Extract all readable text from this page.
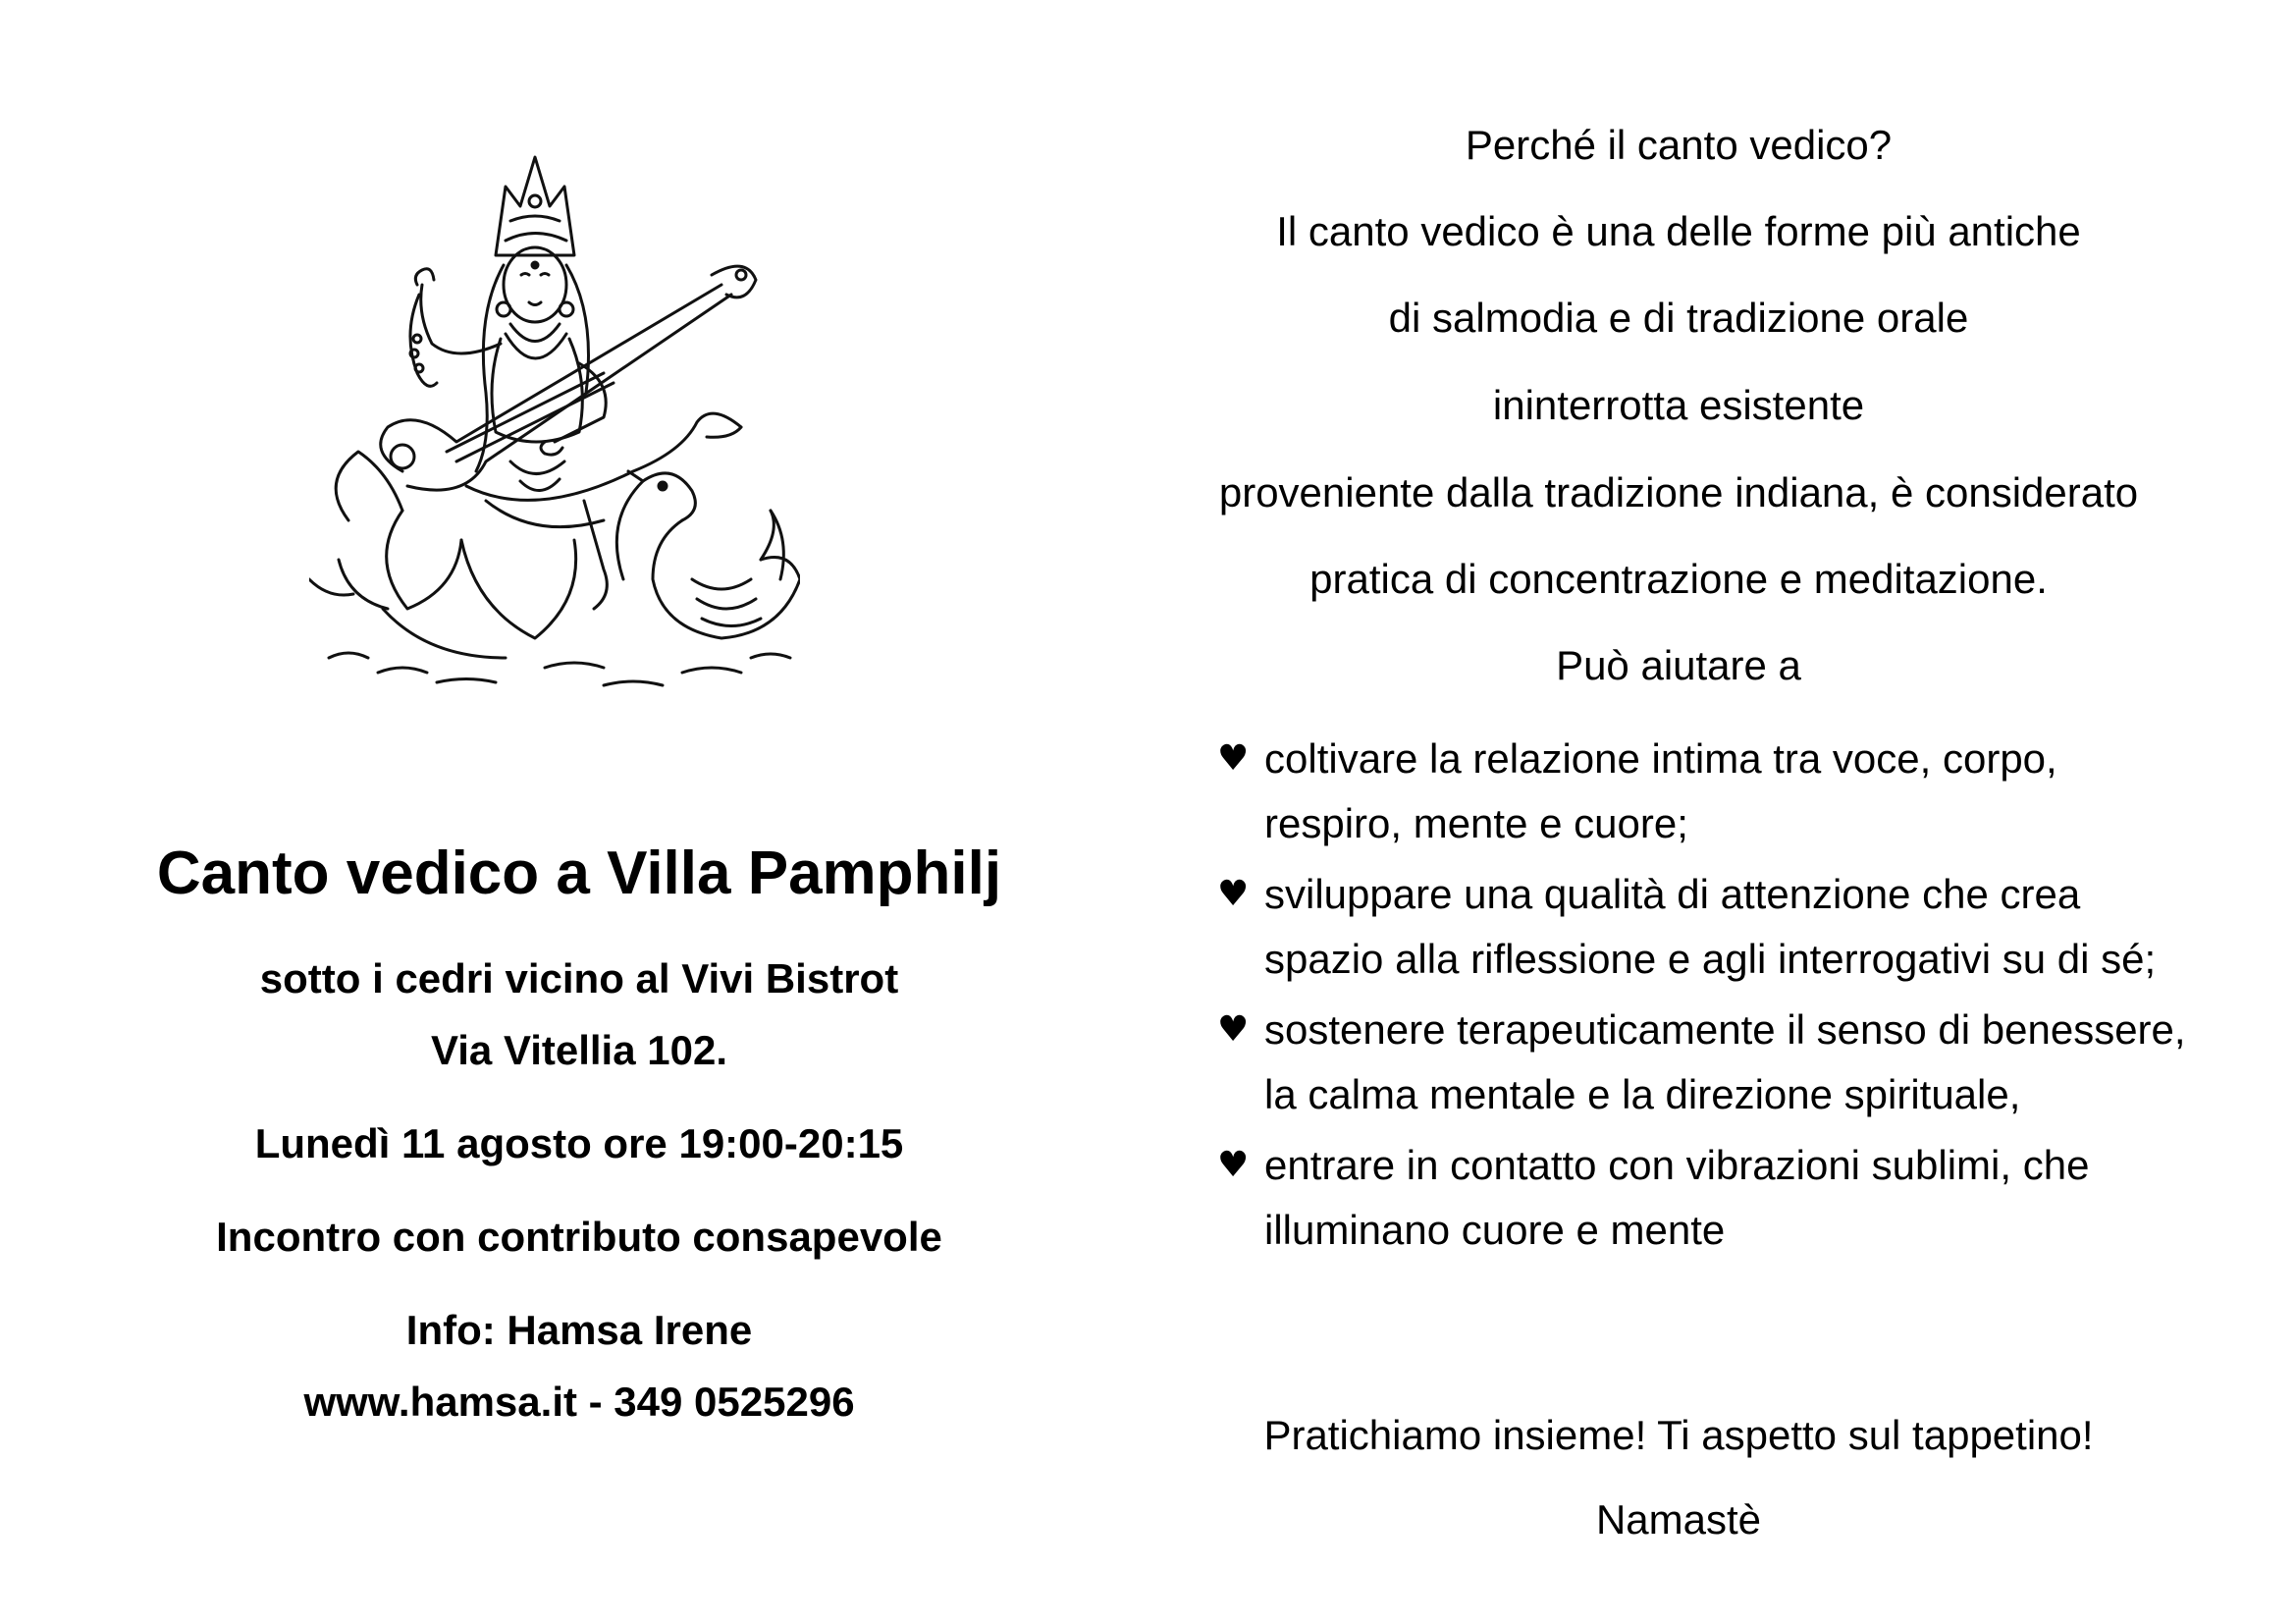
Canto vedico a Villa Pamphilj
sotto i cedri vicino al Vivi Bistrot
Via Vitellia 102.
Lunedì 11 agosto ore 19:00-20:15
Incontro con contributo consapevole
Info: Hamsa Irene
www.hamsa.it - 349 0525296
Perché il canto vedico?
Il canto vedico è una delle forme più antiche
di salmodia e di tradizione orale
ininterrotta esistente
proveniente dalla tradizione indiana, è considerato
pratica di concentrazione e meditazione.
Può aiutare a
♥ coltivare la relazione intima tra voce, corpo, respiro, mente e cuore;
♥ sviluppare una qualità di attenzione che crea spazio alla riflessione e agli interrogativi su di sé;
♥ sostenere terapeuticamente il senso di benessere, la calma mentale e la direzione spirituale,
♥ entrare in contatto con vibrazioni sublimi, che illuminano cuore e mente
Pratichiamo insieme! Ti aspetto sul tappetino!
Namastè
